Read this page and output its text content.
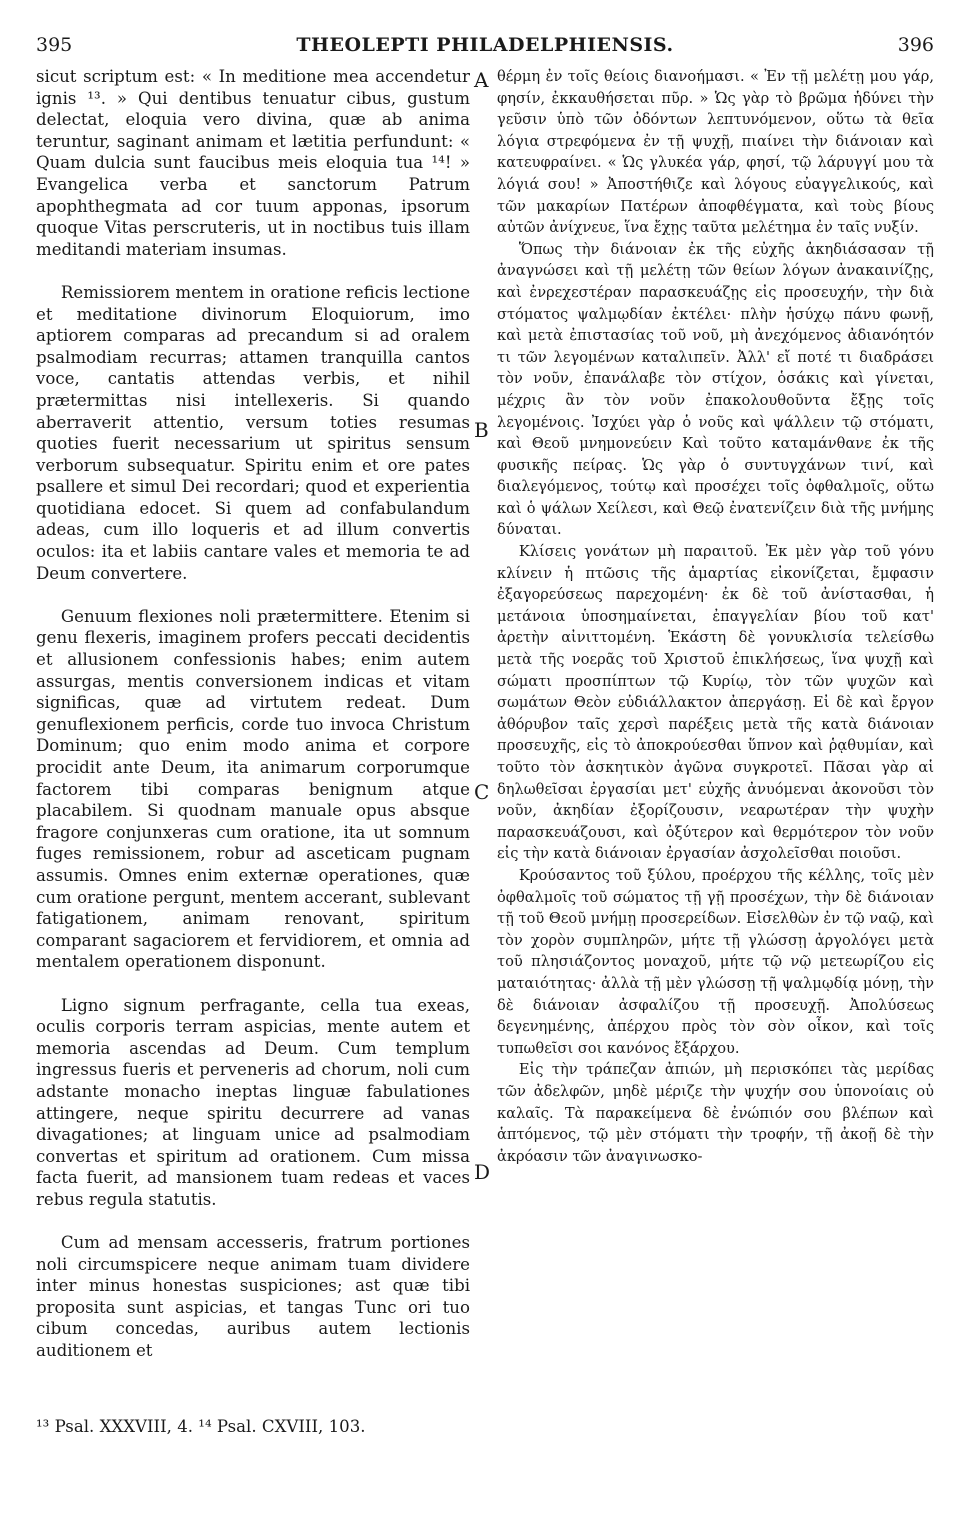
395	THEOLEPTI PHILADELPHIENSIS.	396

sicut scriptum est: « In meditione mea accendetur ignis ¹³. » Qui dentibus tenuatur cibus, gustum delectat, eloquia vero divina, quæ ab anima teruntur, saginant animam et lætitia perfundunt: « Quam dulcia sunt faucibus meis eloquia tua ¹⁴! » Evangelica verba et sanctorum Patrum apophthegmata ad cor tuum apponas, ipsorum quoque Vitas perscruteris, ut in noctibus tuis illam meditandi materiam insumas.

Remissiorem mentem in oratione reficis lectione et meditatione divinorum Eloquiorum, imo aptiorem comparas ad precandum si ad oralem psalmodiam recurras; attamen tranquilla cantos voce, cantatis attendas verbis, et nihil prætermittas nisi intellexeris. Si quando aberraverit attentio, versum toties resumas quoties fuerit necessarium ut spiritus sensum verborum subsequatur. Spiritu enim et ore pates psallere et simul Dei recordari; quod et experientia quotidiana edocet. Si quem ad confabulandum adeas, cum illo loqueris et ad illum convertis oculos: ita et labiis cantare vales et memoria te ad Deum convertere.

Genuum flexiones noli prætermittere. Etenim si genu flexeris, imaginem profers peccati decidentis et allusionem confessionis habes; enim autem assurgas, mentis conversionem indicas et vitam significas, quæ ad virtutem redeat. Dum genuflexionem perficis, corde tuo invoca Christum Dominum; quo enim modo anima et corpore procidit ante Deum, ita animarum corporumque factorem tibi comparas benignum atque placabilem. Si quodnam manuale opus absque fragore conjunxeras cum oratione, ita ut somnum fuges remissionem, robur ad asceticam pugnam assumis. Omnes enim externæ operationes, quæ cum oratione pergunt, mentem accerant, sublevant fatigationem, animam renovant, spiritum comparant sagaciorem et fervidiorem, et omnia ad mentalem operationem disponunt.

Ligno signum perfragante, cella tua exeas, oculis corporis terram aspicias, mente autem et memoria ascendas ad Deum. Cum templum ingressus fueris et perveneris ad chorum, noli cum adstante monacho ineptas linguæ fabulationes attingere, neque spiritu decurrere ad vanas divagationes; at linguam unice ad psalmodiam convertas et spiritum ad orationem. Cum missa facta fuerit, ad mansionem tuam redeas et vaces rebus regula statutis.

Cum ad mensam accesseris, fratrum portiones noli circumspicere neque animam tuam dividere inter minus honestas suspiciones; ast quæ tibi proposita sunt aspicias, et tangas Tunc ori tuo cibum concedas, auribus autem lectionis auditionem et

A
B
C
D

θέρμη ἐν τοῖς θείοις διανοήμασι. « Ἐν τῇ μελέτῃ μου γάρ, φησίν, ἐκκαυθήσεται πῦρ. » Ὡς γὰρ τὸ βρῶμα ἡδύνει τὴν γεῦσιν ὑπὸ τῶν ὀδόντων λεπτυνόμενον, οὕτω τὰ θεῖα λόγια στρεφόμενα ἐν τῇ ψυχῇ, πιαίνει τὴν διάνοιαν καὶ κατευφραίνει. « Ὡς γλυκέα γάρ, φησί, τῷ λάρυγγί μου τὰ λόγιά σου! » Ἀποστήθιζε καὶ λόγους εὐαγγελικούς, καὶ τῶν μακαρίων Πατέρων ἀποφθέγματα, καὶ τοὺς βίους αὐτῶν ἀνίχνευε, ἵνα ἔχῃς ταῦτα μελέτημα ἐν ταῖς νυξίν.

Ὅπως τὴν διάνοιαν ἐκ τῆς εὐχῆς ἀκηδιάσασαν τῇ ἀναγνώσει καὶ τῇ μελέτῃ τῶν θείων λόγων ἀνακαινίζῃς, καὶ ἐνρεχεστέραν παρασκευάζῃς εἰς προσευχήν, τὴν διὰ στόματος ψαλμῳδίαν ἐκτέλει· πλὴν ἡσύχῳ πάνυ φωνῇ, καὶ μετὰ ἐπιστασίας τοῦ νοῦ, μὴ ἀνεχόμενος ἀδιανόητόν τι τῶν λεγομένων καταλιπεῖν. Ἀλλ' εἴ ποτέ τι διαδράσει τὸν νοῦν, ἐπανάλαβε τὸν στίχον, ὁσάκις καὶ γίνεται, μέχρις ἂν τὸν νοῦν ἐπακολουθοῦντα ἔξῃς τοῖς λεγομένοις. Ἰσχύει γὰρ ὁ νοῦς καὶ ψάλλειν τῷ στόματι, καὶ Θεοῦ μνημονεύειν Καὶ τοῦτο καταμάνθανε ἐκ τῆς φυσικῆς πείρας. Ὡς γὰρ ὁ συντυγχάνων τινί, καὶ διαλεγόμενος, τούτῳ καὶ προσέχει τοῖς ὀφθαλμοῖς, οὕτω καὶ ὁ ψάλων Χείλεσι, καὶ Θεῷ ἐνατενίζειν διὰ τῆς μνήμης δύναται.

Κλίσεις γονάτων μὴ παραιτοῦ. Ἐκ μὲν γὰρ τοῦ γόνυ κλίνειν ἡ πτῶσις τῆς ἁμαρτίας εἰκονίζεται, ἔμφασιν ἐξαγορεύσεως παρεχομένη· ἐκ δὲ τοῦ ἀνίστασθαι, ἡ μετάνοια ὑποσημαίνεται, ἐπαγγελίαν βίου τοῦ κατ' ἀρετὴν αἰνιττομένη. Ἑκάστη δὲ γονυκλισία τελείσθω μετὰ τῆς νοερᾶς τοῦ Χριστοῦ ἐπικλήσεως, ἵνα ψυχῇ καὶ σώματι προσπίπτων τῷ Κυρίῳ, τὸν τῶν ψυχῶν καὶ σωμάτων Θεὸν εὐδιάλλακτον ἀπεργάσῃ. Εἰ δὲ καὶ ἔργον ἀθόρυβον ταῖς χερσὶ παρέξεις μετὰ τῆς κατὰ διάνοιαν προσευχῆς, εἰς τὸ ἀποκρούεσθαι ὕπνον καὶ ῥᾳθυμίαν, καὶ τοῦτο τὸν ἀσκητικὸν ἀγῶνα συγκροτεῖ. Πᾶσαι γὰρ αἱ δηλωθεῖσαι ἐργασίαι μετ' εὐχῆς ἀνυόμεναι ἀκονοῦσι τὸν νοῦν, ἀκηδίαν ἐξορίζουσιν, νεαρωτέραν τὴν ψυχὴν παρασκευάζουσι, καὶ ὀξύτερον καὶ θερμότερον τὸν νοῦν εἰς τὴν κατὰ διάνοιαν ἐργασίαν ἀσχολεῖσθαι ποιοῦσι.

Κρούσαντος τοῦ ξύλου, προέρχου τῆς κέλλης, τοῖς μὲν ὀφθαλμοῖς τοῦ σώματος τῇ γῇ προσέχων, τὴν δὲ διάνοιαν τῇ τοῦ Θεοῦ μνήμῃ προσερείδων. Εἰσελθὼν ἐν τῷ ναῷ, καὶ τὸν χορὸν συμπληρῶν, μήτε τῇ γλώσσῃ ἀργολόγει μετὰ τοῦ πλησιάζοντος μοναχοῦ, μήτε τῷ νῷ μετεωρίζου εἰς ματαιότητας· ἀλλὰ τῇ μὲν γλώσσῃ τῇ ψαλμῳδίᾳ μόνῃ, τὴν δὲ διάνοιαν ἀσφαλίζου τῇ προσευχῇ. Ἀπολύσεως δεγενημένης, ἀπέρχου πρὸς τὸν σὸν οἶκον, καὶ τοῖς τυπωθεῖσι σοι κανόνος ἔξάρχου.

Εἰς τὴν τράπεζαν ἀπιών, μὴ περισκόπει τὰς μερίδας τῶν ἀδελφῶν, μηδὲ μέριζε τὴν ψυχήν σου ὑπονοίαις οὐ καλαῖς. Τὰ παρακείμενα δὲ ἐνώπιόν σου βλέπων καὶ ἁπτόμενος, τῷ μὲν στόματι τὴν τροφήν, τῇ ἀκοῇ δὲ τὴν ἀκρόασιν τῶν ἀναγινωσκο-

¹³ Psal. XXXVIII, 4. ¹⁴ Psal. CXVIII, 103.
